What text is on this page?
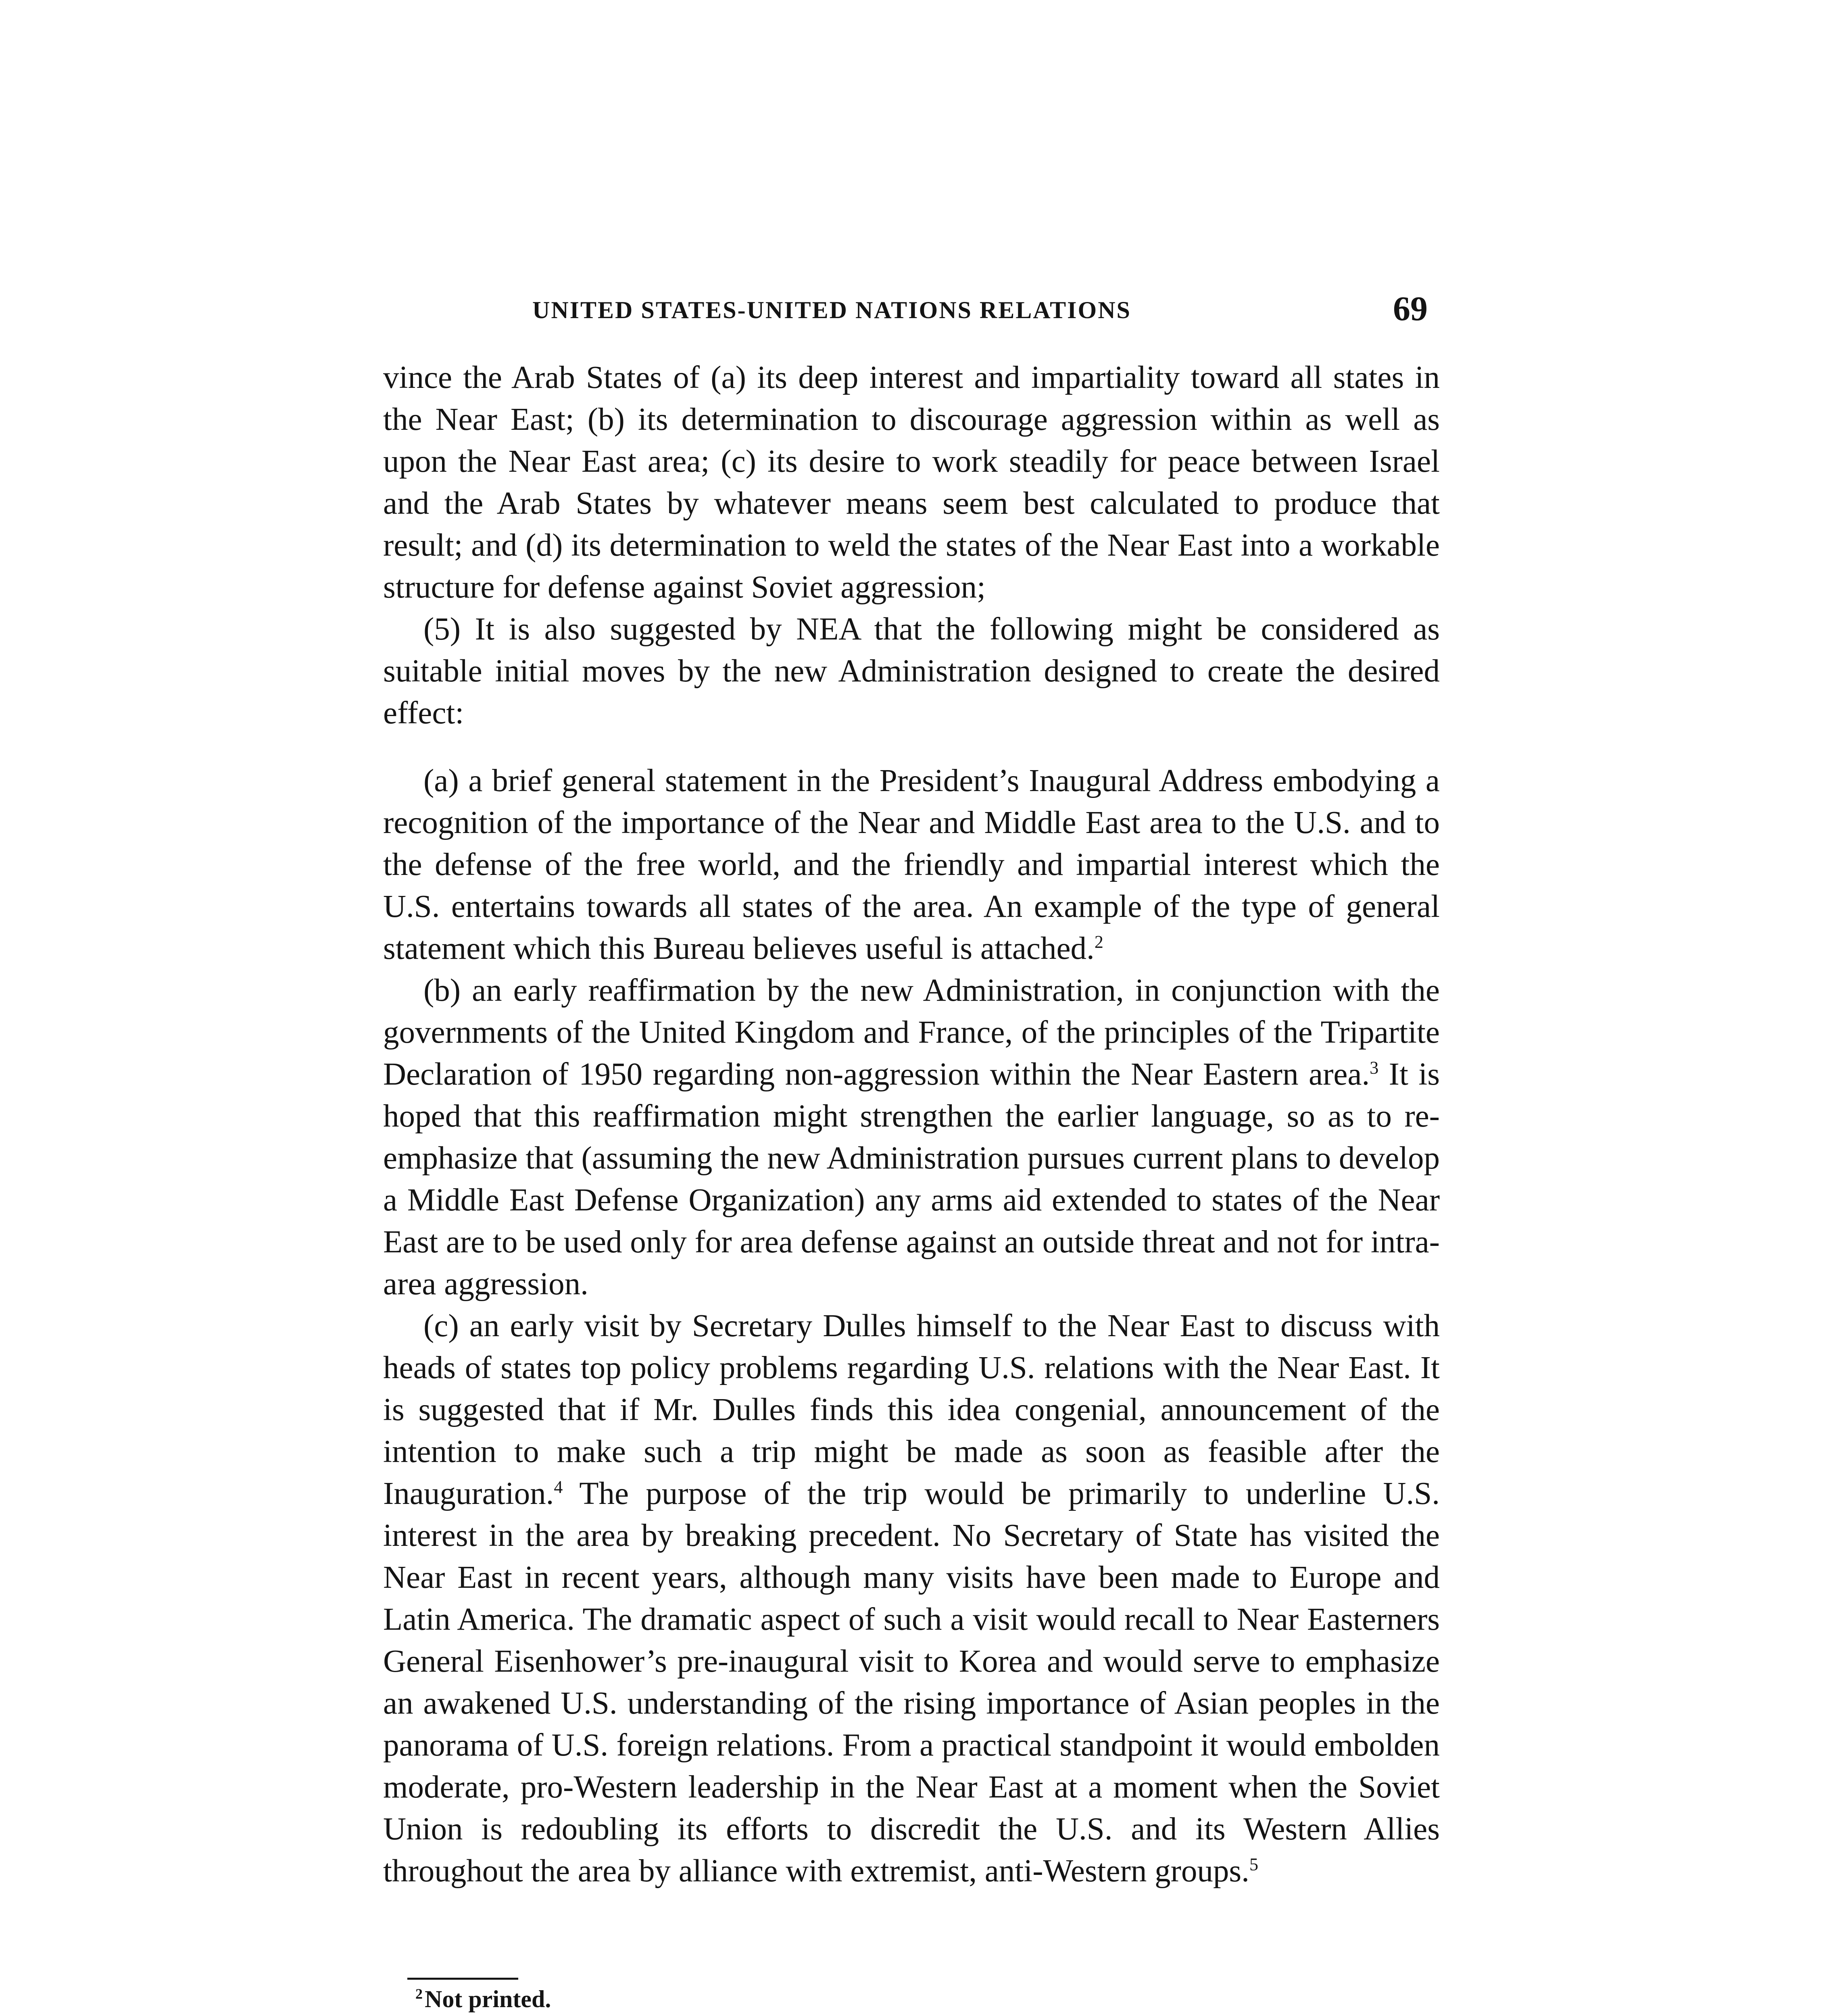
UNITED STATES-UNITED NATIONS RELATIONS	69

vince the Arab States of (a) its deep interest and impartiality toward all states in the Near East; (b) its determination to discourage aggression within as well as upon the Near East area; (c) its desire to work steadily for peace between Israel and the Arab States by whatever means seem best calculated to produce that result; and (d) its determination to weld the states of the Near East into a workable structure for defense against Soviet aggression;

(5) It is also suggested by NEA that the following might be considered as suitable initial moves by the new Administration designed to create the desired effect:

(a) a brief general statement in the President’s Inaugural Address embodying a recognition of the importance of the Near and Middle East area to the U.S. and to the defense of the free world, and the friendly and impartial interest which the U.S. entertains towards all states of the area. An example of the type of general statement which this Bureau believes useful is attached.$^2$

(b) an early reaffirmation by the new Administration, in conjunction with the governments of the United Kingdom and France, of the principles of the Tripartite Declaration of 1950 regarding non-aggression within the Near Eastern area.$^3$ It is hoped that this reaffirmation might strengthen the earlier language, so as to re-emphasize that (assuming the new Administration pursues current plans to develop a Middle East Defense Organization) any arms aid extended to states of the Near East are to be used only for area defense against an outside threat and not for intra-area aggression.

(c) an early visit by Secretary Dulles himself to the Near East to discuss with heads of states top policy problems regarding U.S. relations with the Near East. It is suggested that if Mr. Dulles finds this idea congenial, announcement of the intention to make such a trip might be made as soon as feasible after the Inauguration.$^4$ The purpose of the trip would be primarily to underline U.S. interest in the area by breaking precedent. No Secretary of State has visited the Near East in recent years, although many visits have been made to Europe and Latin America. The dramatic aspect of such a visit would recall to Near Easterners General Eisenhower’s pre-inaugural visit to Korea and would serve to emphasize an awakened U.S. understanding of the rising importance of Asian peoples in the panorama of U.S. foreign relations. From a practical standpoint it would embolden moderate, pro-Western leadership in the Near East at a moment when the Soviet Union is redoubling its efforts to discredit the U.S. and its Western Allies throughout the area by alliance with extremist, anti-Western groups.$^5$

$^2$ Not printed.
